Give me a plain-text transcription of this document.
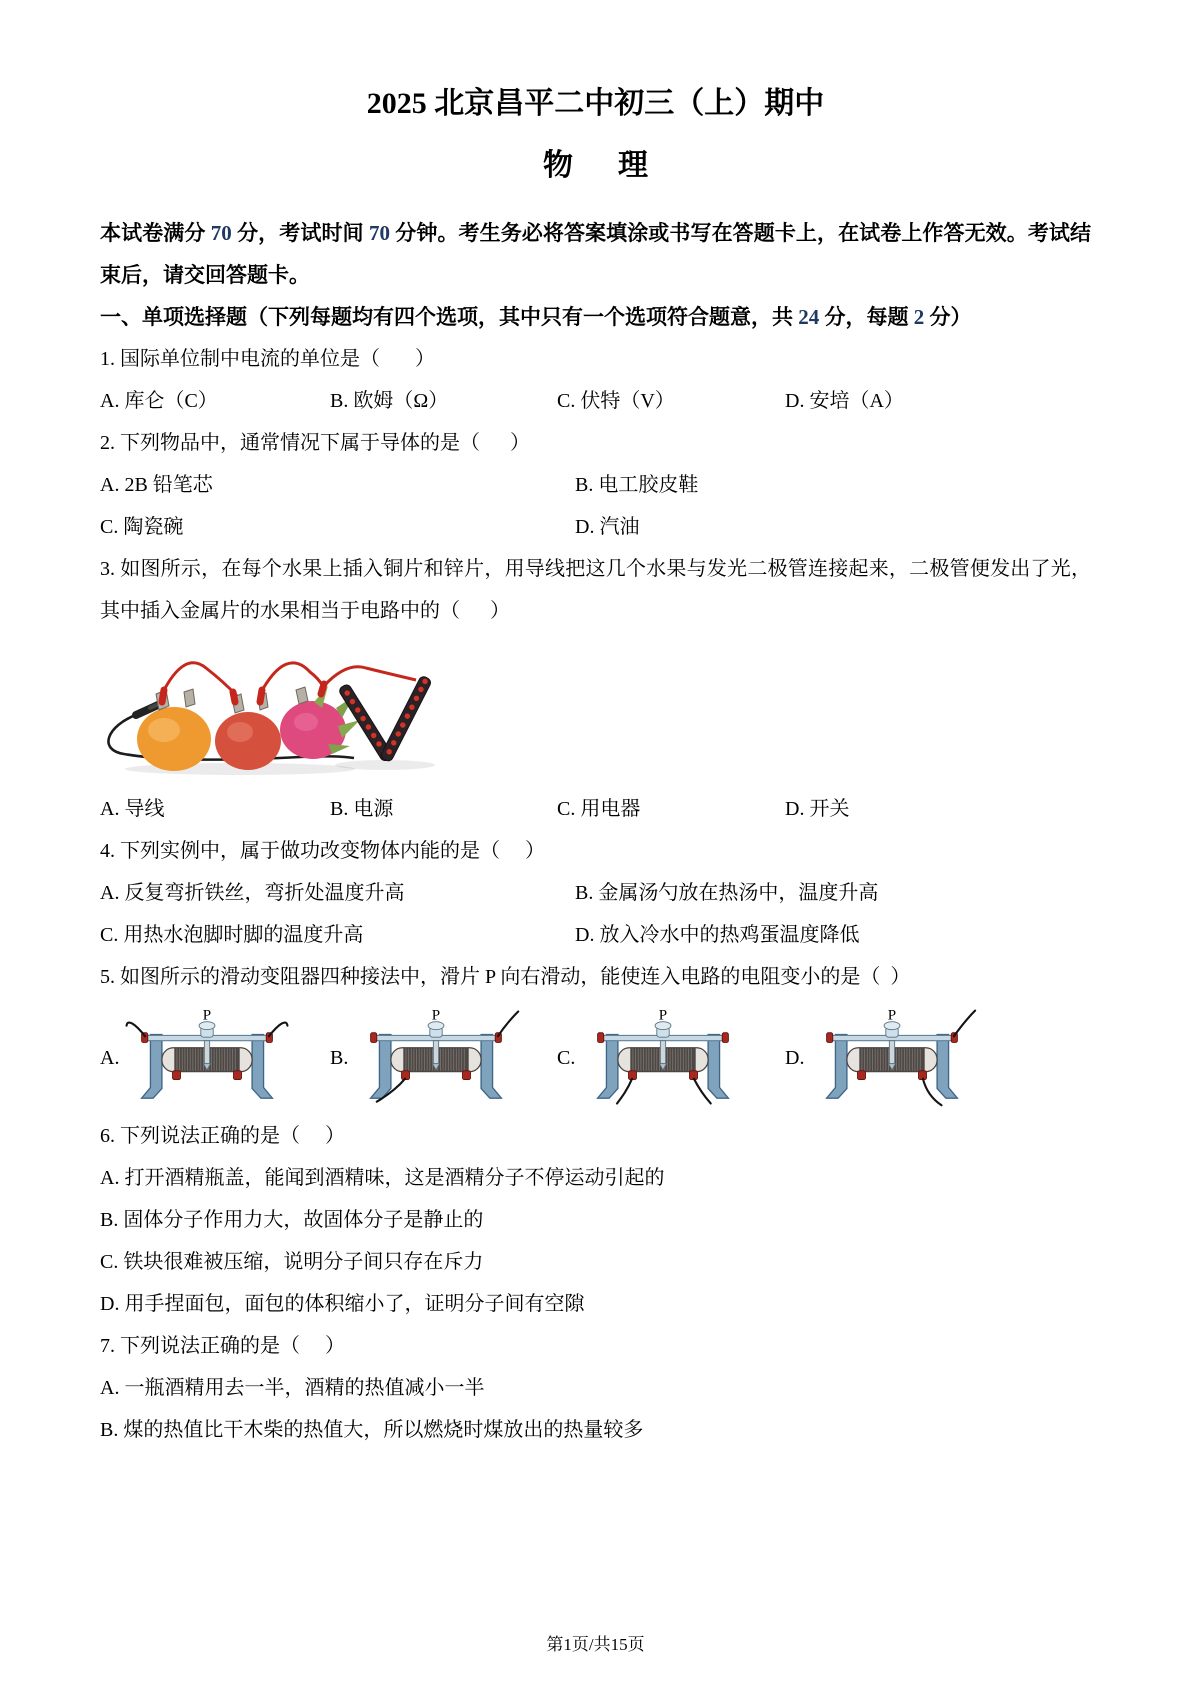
2025 北京昌平二中初三（上）期中
物      理

本试卷满分 70 分，考试时间 70 分钟。考生务必将答案填涂或书写在答题卡上，在试卷上作答无效。考试结束后，请交回答题卡。

一、单项选择题（下列每题均有四个选项，其中只有一个选项符合题意，共 24 分，每题 2 分）

1. 国际单位制中电流的单位是（       ）

A. 库仑（C）	B. 欧姆（Ω）	C. 伏特（V）	D. 安培（A）

2. 下列物品中，通常情况下属于导体的是（      ）

A. 2B 铅笔芯	B. 电工胶皮鞋
C. 陶瓷碗	D. 汽油

3. 如图所示，在每个水果上插入铜片和锌片，用导线把这几个水果与发光二极管连接起来，二极管便发出了光，其中插入金属片的水果相当于电路中的（      ）

A. 导线	B. 电源	C. 用电器	D. 开关

4. 下列实例中，属于做功改变物体内能的是（     ）

A. 反复弯折铁丝，弯折处温度升高	B. 金属汤勺放在热汤中，温度升高
C. 用热水泡脚时脚的温度升高	D. 放入冷水中的热鸡蛋温度降低

5. 如图所示的滑动变阻器四种接法中，滑片 P 向右滑动，能使连入电路的电阻变小的是（  ）

A.
P
B.
P
C.
P
D.
P

6. 下列说法正确的是（     ）

A. 打开酒精瓶盖，能闻到酒精味，这是酒精分子不停运动引起的
B. 固体分子作用力大，故固体分子是静止的
C. 铁块很难被压缩，说明分子间只存在斥力
D. 用手捏面包，面包的体积缩小了，证明分子间有空隙

7. 下列说法正确的是（     ）

A. 一瓶酒精用去一半，酒精的热值减小一半
B. 煤的热值比干木柴的热值大，所以燃烧时煤放出的热量较多
第1页/共15页
